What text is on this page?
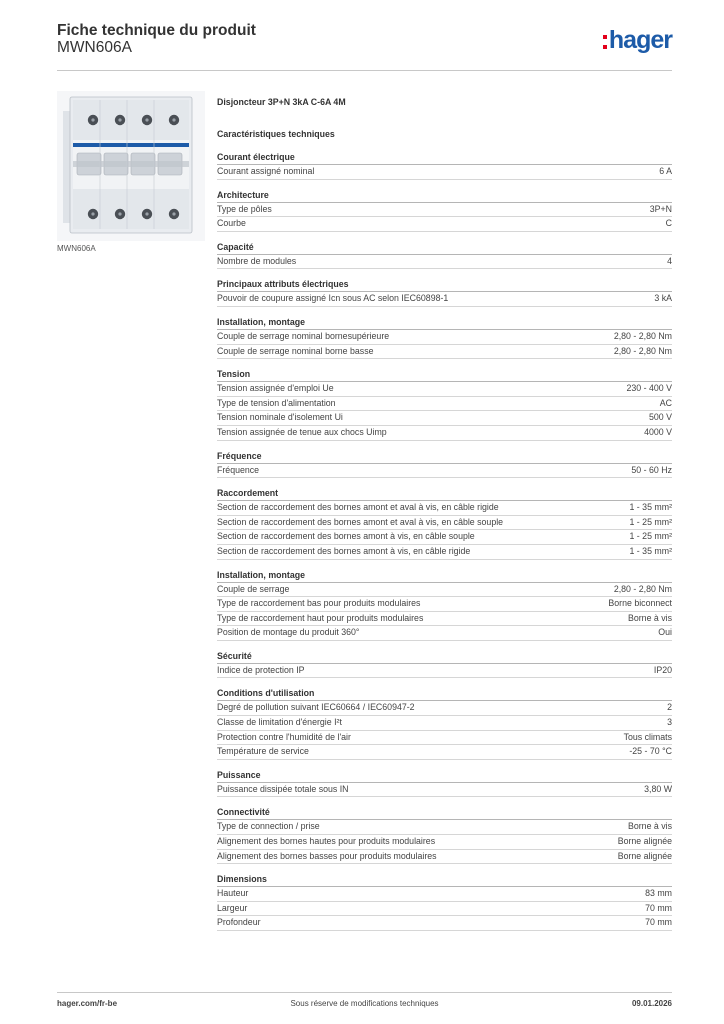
Fiche technique du produit
MWN606A	hager
MWN606A
Disjoncteur 3P+N 3kA C-6A 4M
Caractéristiques techniques
Courant électrique
Courant assigné nominal	6 A
Architecture
Type de pôles	3P+N
Courbe	C
Capacité
Nombre de modules	4
Principaux attributs électriques
Pouvoir de coupure assigné Icn sous AC selon IEC60898-1	3 kA
Installation, montage
Couple de serrage nominal bornesupérieure	2,80 - 2,80 Nm
Couple de serrage nominal borne basse	2,80 - 2,80 Nm
Tension
Tension assignée d'emploi Ue	230 - 400 V
Type de tension d'alimentation	AC
Tension nominale d'isolement Ui	500 V
Tension assignée de tenue aux chocs Uimp	4000 V
Fréquence
Fréquence	50 - 60 Hz
Raccordement
Section de raccordement des bornes amont et aval à vis, en câble rigide	1 - 35 mm²
Section de raccordement des bornes amont et aval à vis, en câble souple	1 - 25 mm²
Section de raccordement des bornes amont à vis, en câble souple	1 - 25 mm²
Section de raccordement des bornes amont à vis, en câble rigide	1 - 35 mm²
Installation, montage
Couple de serrage	2,80 - 2,80 Nm
Type de raccordement bas pour produits modulaires	Borne biconnect
Type de raccordement haut pour produits modulaires	Borne à vis
Position de montage du produit 360°	Oui
Sécurité
Indice de protection IP	IP20
Conditions d'utilisation
Degré de pollution suivant IEC60664 / IEC60947-2	2
Classe de limitation d'énergie I²t	3
Protection contre l'humidité de l'air	Tous climats
Température de service	-25 - 70 °C
Puissance
Puissance dissipée totale sous IN	3,80 W
Connectivité
Type de connection / prise	Borne à vis
Alignement des bornes hautes pour produits modulaires	Borne alignée
Alignement des bornes basses pour produits modulaires	Borne alignée
Dimensions
Hauteur	83 mm
Largeur	70 mm
Profondeur	70 mm
hager.com/fr-be	Sous réserve de modifications techniques	09.01.2026
